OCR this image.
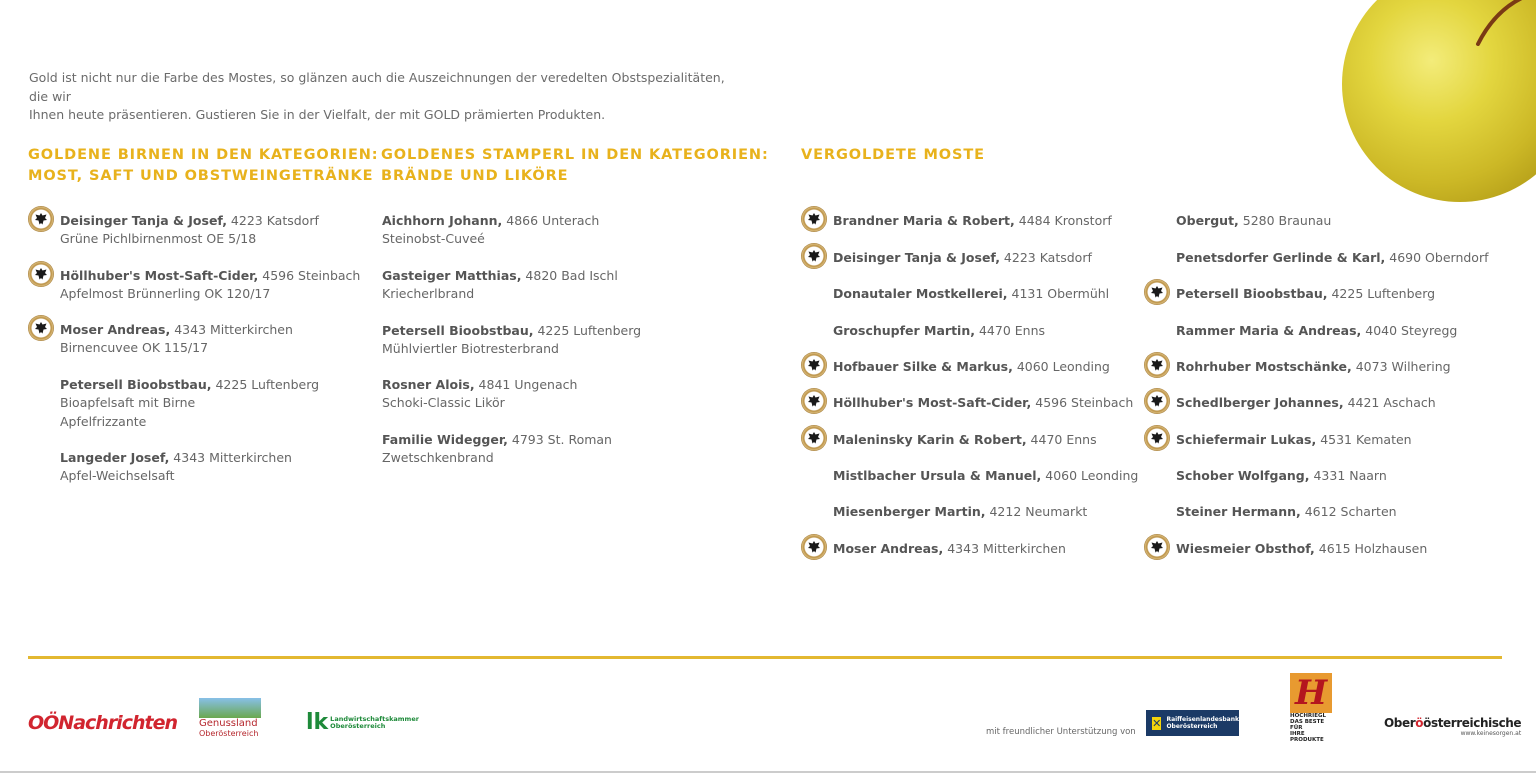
Gold ist nicht nur die Farbe des Mostes, so glänzen auch die Auszeichnungen der veredelten Obstspezialitäten, die wir
Ihnen heute präsentieren. Gustieren Sie in der Vielfalt, der mit GOLD prämierten Produkten.
GOLDENE BIRNEN IN DEN KATEGORIEN:
MOST, SAFT UND OBSTWEINGETRÄNKE
GOLDENES STAMPERL IN DEN KATEGORIEN:
BRÄNDE UND LIKÖRE
VERGOLDETE MOSTE
Deisinger Tanja & Josef, 4223 Katsdorf
Grüne Pichlbirnenmost OE 5/18
Höllhuber's Most-Saft-Cider, 4596 Steinbach
Apfelmost Brünnerling OK 120/17
Moser Andreas, 4343 Mitterkirchen
Birnencuvee OK 115/17
Petersell Bioobstbau, 4225 Luftenberg
Bioapfelsaft mit Birne
Apfelfrizzante
Langeder Josef, 4343 Mitterkirchen
Apfel-Weichselsaft
Aichhorn Johann, 4866 Unterach
Steinobst-Cuveé
Gasteiger Matthias, 4820 Bad Ischl
Kriecherlbrand
Petersell Bioobstbau, 4225 Luftenberg
Mühlviertler Biotresterbrand
Rosner Alois, 4841 Ungenach
Schoki-Classic Likör
Familie Widegger, 4793 St. Roman
Zwetschkenbrand
Brandner Maria & Robert, 4484 Kronstorf
Deisinger Tanja & Josef, 4223 Katsdorf
Donautaler Mostkellerei, 4131 Obermühl
Groschupfer Martin, 4470 Enns
Hofbauer Silke & Markus, 4060 Leonding
Höllhuber's Most-Saft-Cider, 4596 Steinbach
Maleninsky Karin & Robert, 4470 Enns
Mistlbacher Ursula & Manuel, 4060 Leonding
Miesenberger Martin, 4212 Neumarkt
Moser Andreas, 4343 Mitterkirchen
Obergut, 5280 Braunau
Penetsdorfer Gerlinde & Karl, 4690 Oberndorf
Petersell Bioobstbau, 4225 Luftenberg
Rammer Maria & Andreas, 4040 Steyregg
Rohrhuber Mostschänke, 4073 Wilhering
Schedlberger Johannes, 4421 Aschach
Schiefermair Lukas, 4531 Kematen
Schober Wolfgang, 4331 Naarn
Steiner Hermann, 4612 Scharten
Wiesmeier Obsthof, 4615 Holzhausen
OÖNachrichten Genussland
Oberösterreich lk Landwirtschaftskammer
Oberösterreich
mit freundlicher Unterstützung von
✕ Raiffeisenlandesbank
Oberösterreich
H
HOCHRIEGL
DAS BESTE FÜR
IHRE PRODUKTE
Oberöösterreichische
www.keinesorgen.at
